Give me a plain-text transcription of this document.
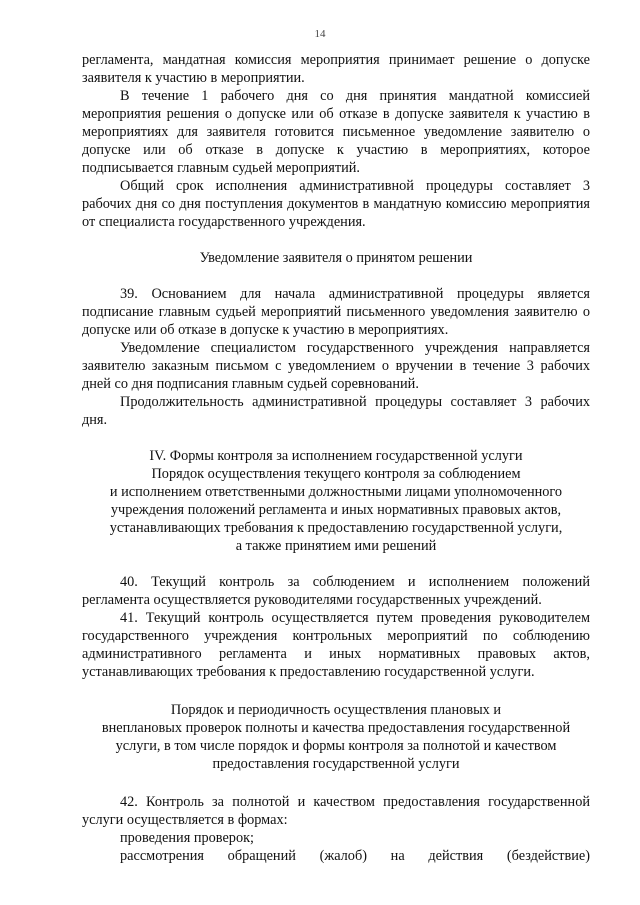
14

регламента, мандатная комиссия мероприятия принимает решение о допуске заявителя к участию в мероприятии.

В течение 1 рабочего дня со дня принятия мандатной комиссией мероприятия решения о допуске или об отказе в допуске заявителя к участию в мероприятиях для заявителя готовится письменное уведомление заявителю о допуске или об отказе в допуске к участию в мероприятиях, которое подписывается главным судьей мероприятий.

Общий срок исполнения административной процедуры составляет 3 рабочих дня со дня поступления документов в мандатную комиссию мероприятия от специалиста государственного учреждения.

Уведомление заявителя о принятом решении

39. Основанием для начала административной процедуры является подписание главным судьей мероприятий письменного уведомления заявителю о допуске или об отказе в допуске к участию в мероприятиях.

Уведомление специалистом государственного учреждения направляется заявителю заказным письмом с уведомлением о вручении в течение 3 рабочих дней со дня подписания главным судьей соревнований.

Продолжительность административной процедуры составляет 3 рабочих дня.

IV. Формы контроля за исполнением государственной услуги

Порядок осуществления текущего контроля за соблюдением

и исполнением ответственными должностными лицами уполномоченного

учреждения положений регламента и иных нормативных правовых актов,

устанавливающих требования к предоставлению государственной услуги,

а также принятием ими решений

40. Текущий контроль за соблюдением и исполнением положений регламента осуществляется руководителями государственных учреждений.

41. Текущий контроль осуществляется путем проведения руководителем государственного учреждения контрольных мероприятий по соблюдению административного регламента и иных нормативных правовых актов, устанавливающих требования к предоставлению государственной услуги.

Порядок и периодичность осуществления плановых и

внеплановых проверок полноты и качества предоставления государственной

услуги, в том числе порядок и формы контроля за полнотой и качеством

предоставления государственной услуги

42. Контроль за полнотой и качеством предоставления государственной услуги осуществляется в формах:

проведения проверок;

рассмотрения обращений (жалоб) на действия (бездействие)
